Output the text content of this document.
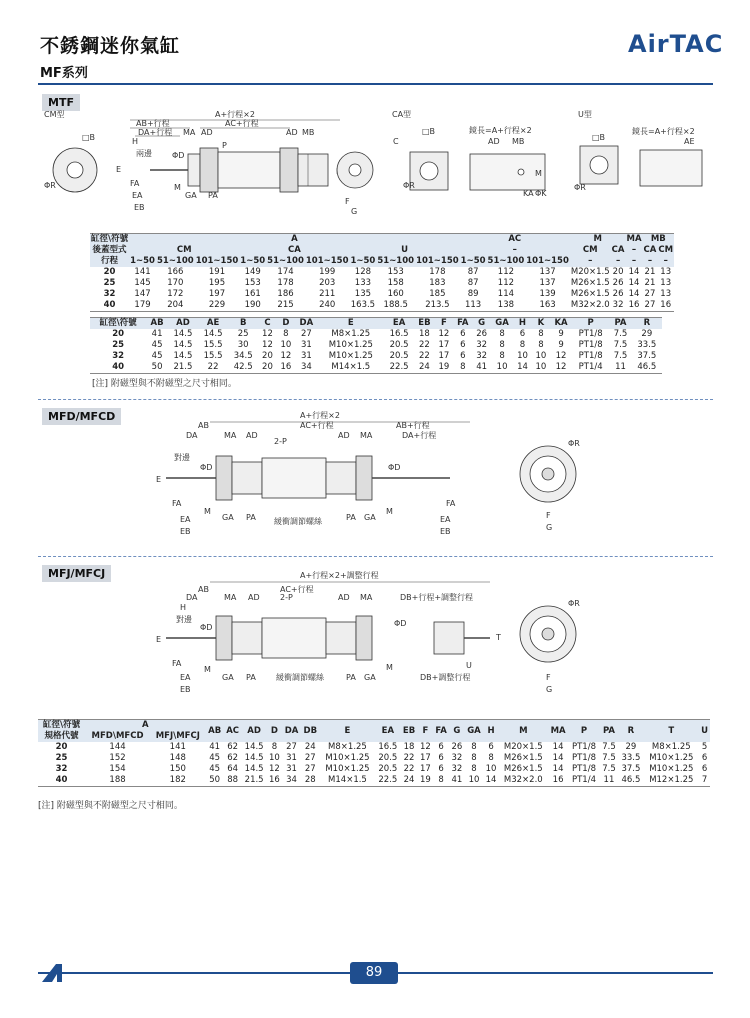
不銹鋼迷你氣缸
MF系列
AirTAC
MTF
CM型	CA型	U型
A+行程×2
AB+行程	AC+行程
DA+行程 MA AD	AD MB
H
兩邊
P
FA	M
EA	GA PA
EB
E
ΦD
□B
ΦR
F
G
□B
C
ΦR
鏡長=A+行程×2
AD MB
M
KA ΦK
□B
ΦR
鏡長=A+行程×2
AE
缸徑\符號	A									AC			M		MA	MB	
後蓋型式	CM			CA			U			–			CM	CA	–	CA	CM
行程	1~50	51~100	101~150	1~50	51~100	101~150	1~50	51~100	101~150	1~50	51~100	101~150	–	–	–	–	–
20	141	166	191	149	174	199	128	153	178	87	112	137	M20×1.5	20	14	21	13
25	145	170	195	153	178	203	133	158	183	87	112	137	M26×1.5	26	14	21	13
32	147	172	197	161	186	211	135	160	185	89	114	139	M26×1.5	26	14	27	13
40	179	204	229	190	215	240	163.5	188.5	213.5	113	138	163	M32×2.0	32	16	27	16
缸徑\符號	AB	AD	AE	B	C	D	DA	E	EA	EB	F	FA	G	GA	H	K	KA	P	PA	R
20	41	14.5	14.5	25	12	8	27	M8×1.25	16.5	18	12	6	26	8	6	8	9	PT1/8	7.5	29
25	45	14.5	15.5	30	12	10	31	M10×1.25	20.5	22	17	6	32	8	8	8	9	PT1/8	7.5	33.5
32	45	14.5	15.5	34.5	20	12	31	M10×1.25	20.5	22	17	6	32	8	10	10	12	PT1/8	7.5	37.5
40	50	21.5	22	42.5	20	16	34	M14×1.5	22.5	24	19	8	41	10	14	10	12	PT1/4	11	46.5
[注] 附磁型與不附磁型之尺寸相同。
MFD/MFCD	A+行程×2
AC+行程
AB	AB+行程
DA	MA AD	AD MA	DA+行程
2-P
對邊
E
ΦD	ΦD
FA
M
FA
EA	GA PA 緩衝調節螺絲	PA GA
M
EA
EB	EB
ΦR
F
G
MFJ/MFCJ	A+行程×2+調整行程
AB	AC+行程
DA	MA AD	AD MA	DB+行程+調整行程
2-P
H
對邊
E
ΦD	ΦD
T
FA
M	U
EA	GA PA	緩衝調節螺絲	PA GA
M
DB+調整行程
EB
ΦR
F
G
缸徑\符號	A		AB	AC	AD	D	DA	DB	E	EA	EB	F	FA	G	GA	H	M	MA	P	PA	R	T	U
規格代號	MFD\MFCD	MFJ\MFCJ																					
20	144	141	41	62	14.5	8	27	24	M8×1.25	16.5	18	12	6	26	8	6	M20×1.5	14	PT1/8	7.5	29	M8×1.25	5
25	152	148	45	62	14.5	10	31	27	M10×1.25	20.5	22	17	6	32	8	8	M26×1.5	14	PT1/8	7.5	33.5	M10×1.25	6
32	154	150	45	64	14.5	12	31	27	M10×1.25	20.5	22	17	6	32	8	10	M26×1.5	14	PT1/8	7.5	37.5	M10×1.25	6
40	188	182	50	88	21.5	16	34	28	M14×1.5	22.5	24	19	8	41	10	14	M32×2.0	16	PT1/4	11	46.5	M12×1.25	7
[注] 附磁型與不附磁型之尺寸相同。
89
